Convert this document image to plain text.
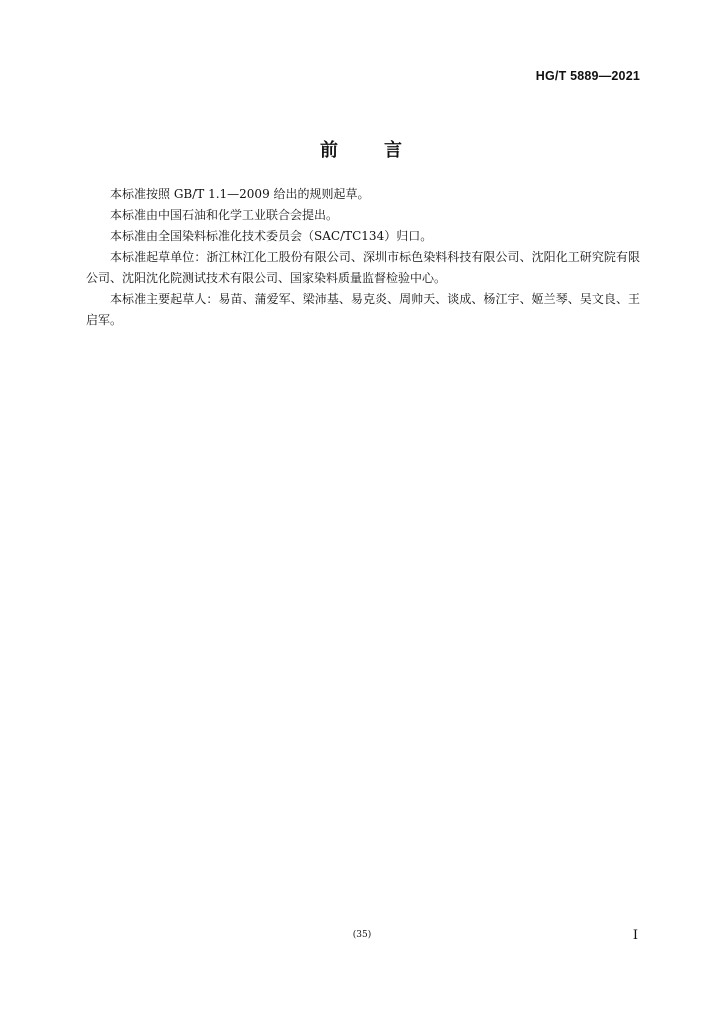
HG/T 5889—2021
前 言

本标准按照 GB/T 1.1—2009 给出的规则起草。

本标准由中国石油和化学工业联合会提出。

本标准由全国染料标准化技术委员会（SAC/TC134）归口。

本标准起草单位：浙江林江化工股份有限公司、深圳市标色染料科技有限公司、沈阳化工研究院有限公司、沈阳沈化院测试技术有限公司、国家染料质量监督检验中心。

本标准主要起草人：易苗、蒲爱军、梁沛基、易克炎、周帅天、谈成、杨江宇、姬兰琴、吴文良、王启军。

(35)	I
